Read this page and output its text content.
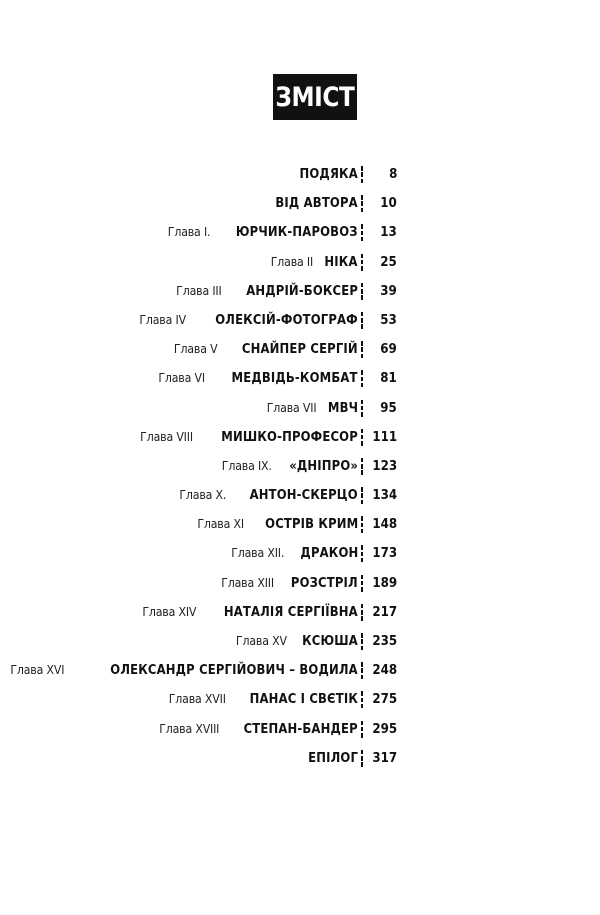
ЗМІСТ
ПОДЯКА 8
ВІД АВТОРА 10
Глава І. ЮРЧИК-ПАРОВОЗ 13
Глава ІІ НІКА 25
Глава ІІІ АНДРІЙ-БОКСЕР 39
Глава IV ОЛЕКСІЙ-ФОТОГРАФ 53
Глава V СНАЙПЕР СЕРГІЙ 69
Глава VI МЕДВІДЬ-КОМБАТ 81
Глава VII МВЧ 95
Глава VIII МИШКО-ПРОФЕСОР 111
Глава ІХ. «ДНІПРО» 123
Глава Х. АНТОН-СКЕРЦО 134
Глава ХІ ОСТРІВ КРИМ 148
Глава ХІІ. ДРАКОН 173
Глава ХІІІ РОЗСТРІЛ 189
Глава XIV НАТАЛІЯ СЕРГІЇВНА 217
Глава XV КСЮША 235
Глава XVI	ОЛЕКСАНДР СЕРГІЙОВИЧ – ВОДИЛА 248
Глава XVII ПАНАС І СВЄТІК 275
Глава XVIII СТЕПАН-БАНДЕР 295
ЕПІЛОГ 317
